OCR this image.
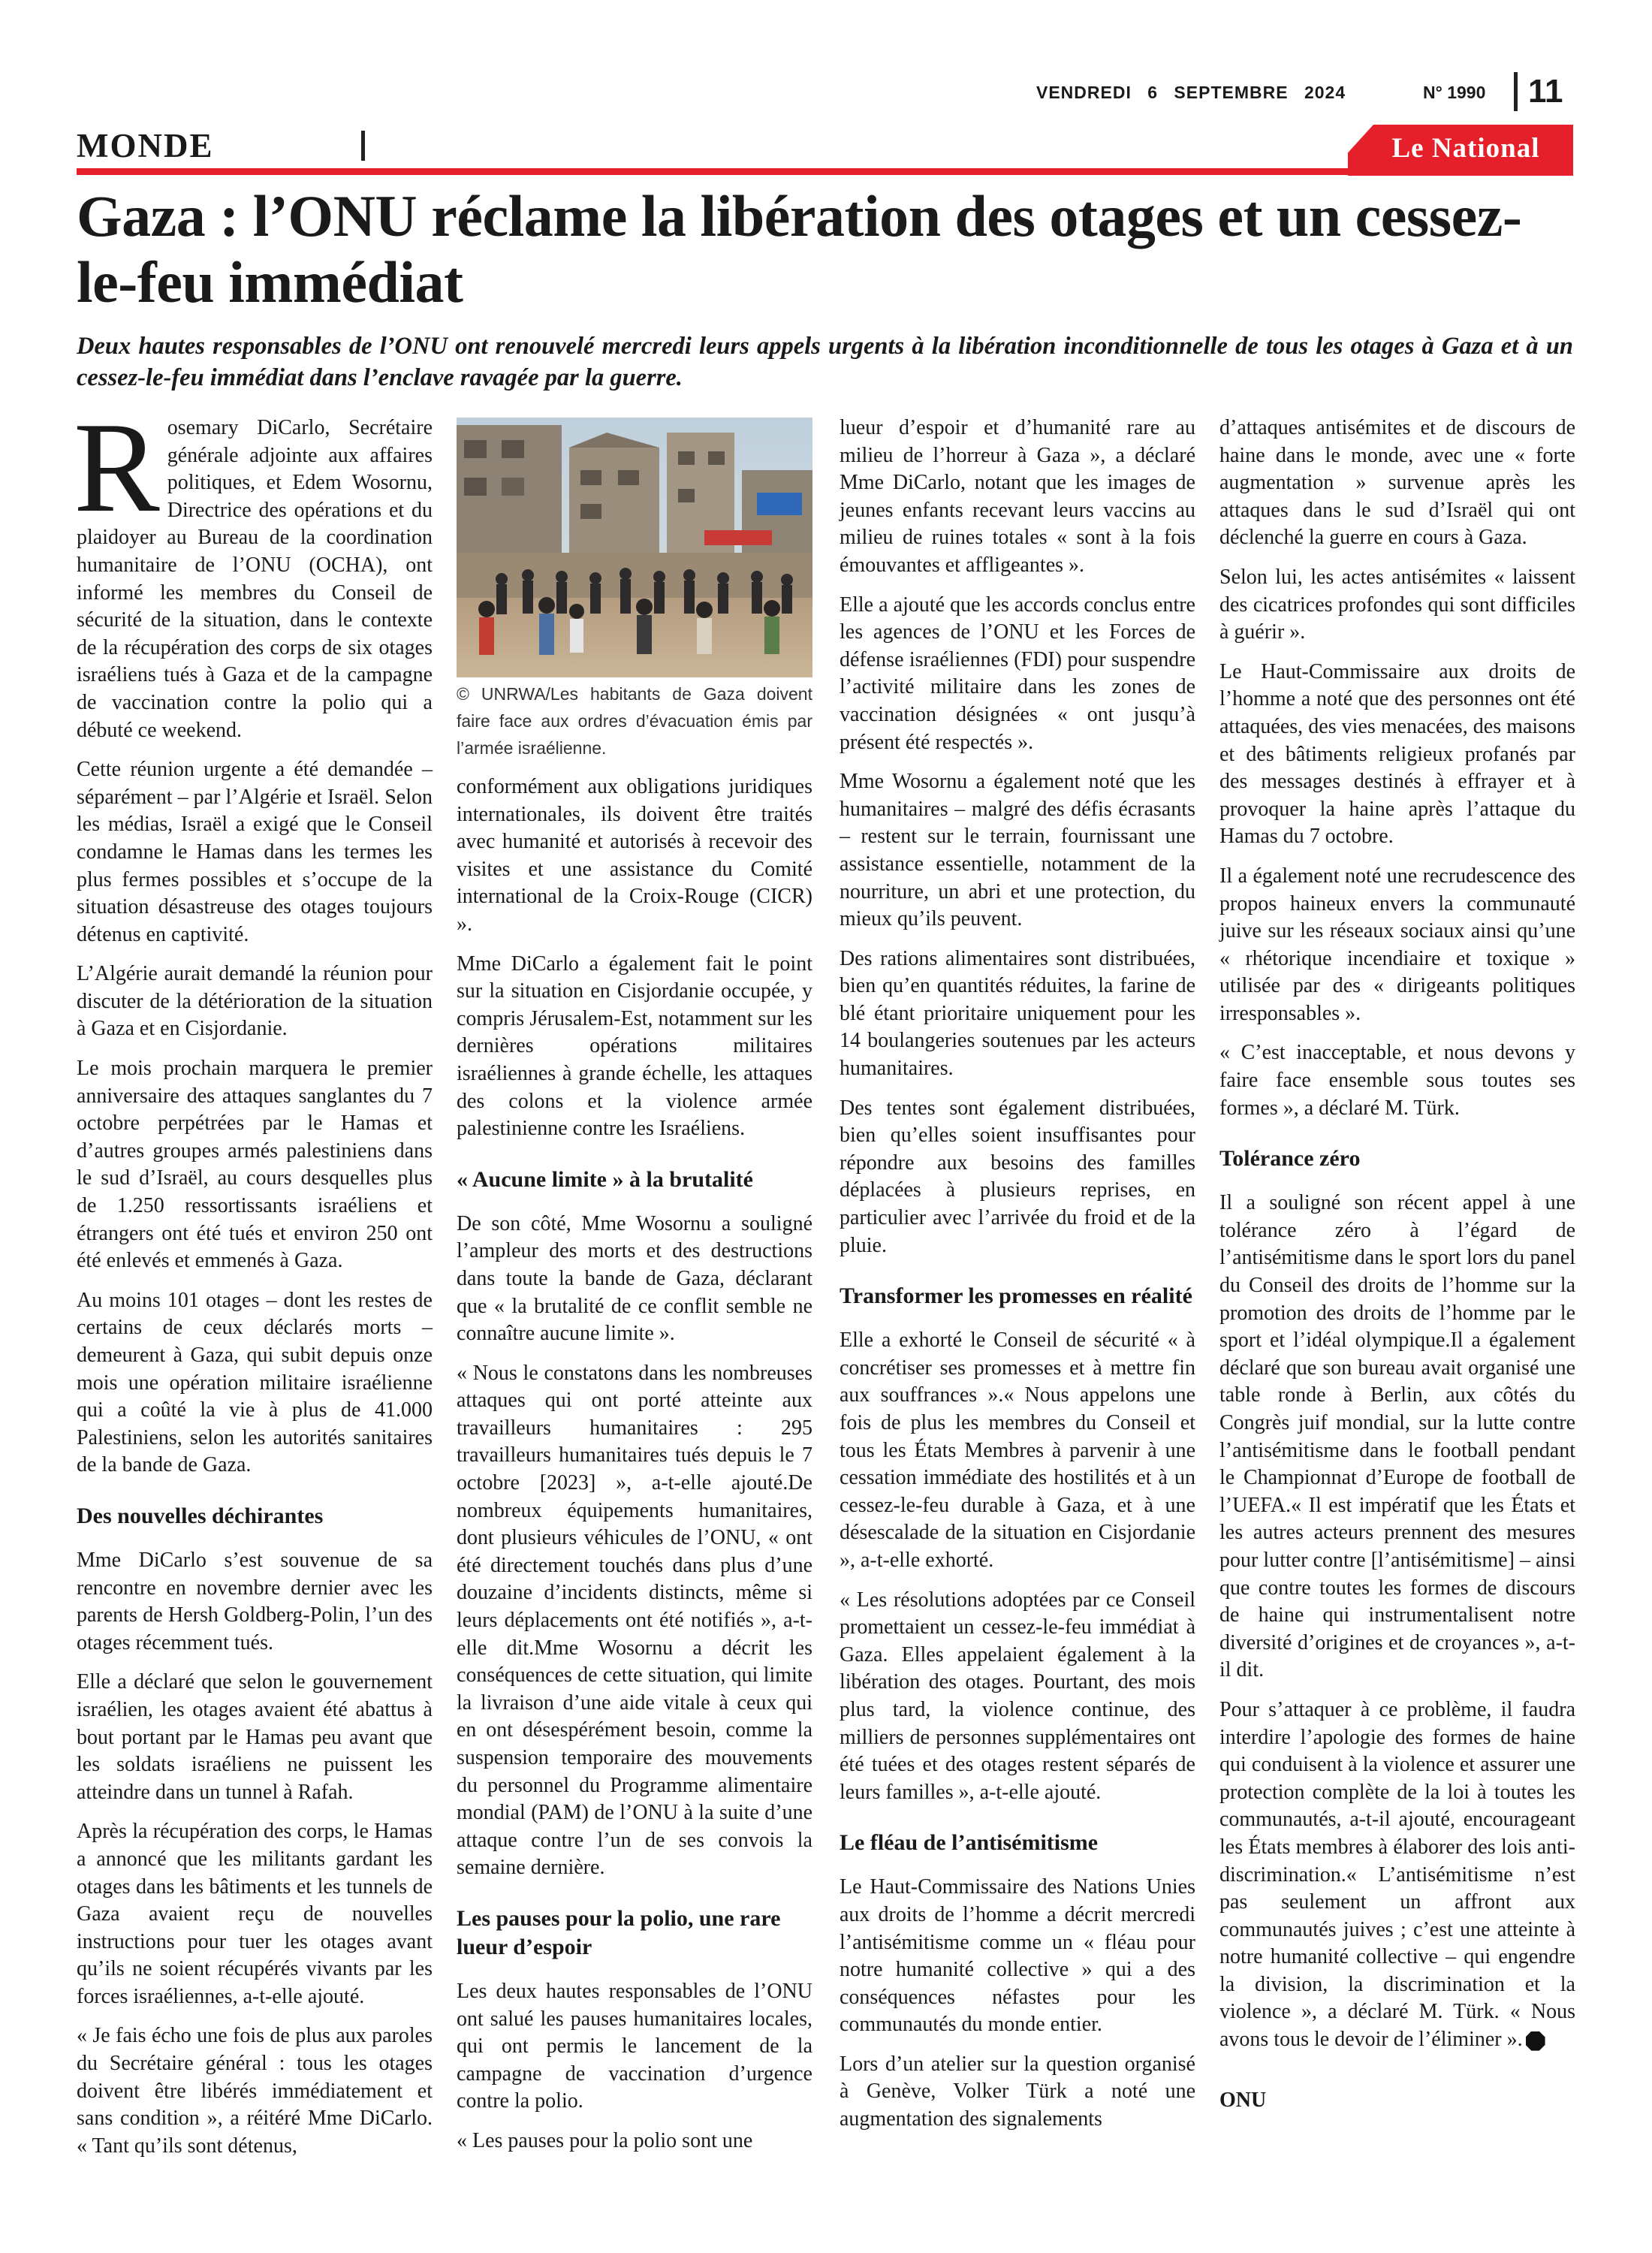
VENDREDI 6 SEPTEMBRE 2024	N° 1990 11
MONDE	Le National
Gaza : l’ONU réclame la libération des otages et un cessez-le-feu immédiat

Deux hautes responsables de l’ONU ont renouvelé mercredi leurs appels urgents à la libération inconditionnelle de tous les otages à Gaza et à un cessez-le-feu immédiat dans l’enclave ravagée par la guerre.

Rosemary DiCarlo, Secrétaire générale adjointe aux affaires politiques, et Edem Wosornu, Directrice des opérations et du plaidoyer au Bureau de la coordination humanitaire de l’ONU (OCHA), ont informé les membres du Conseil de sécurité de la situation, dans le contexte de la récupération des corps de six otages israéliens tués à Gaza et de la campagne de vaccination contre la polio qui a débuté ce weekend.

Cette réunion urgente a été demandée – séparément – par l’Algérie et Israël. Selon les médias, Israël a exigé que le Conseil condamne le Hamas dans les termes les plus fermes possibles et s’occupe de la situation désastreuse des otages toujours détenus en captivité.

L’Algérie aurait demandé la réunion pour discuter de la détérioration de la situation à Gaza et en Cisjordanie.

Le mois prochain marquera le premier anniversaire des attaques sanglantes du 7 octobre perpétrées par le Hamas et d’autres groupes armés palestiniens dans le sud d’Israël, au cours desquelles plus de 1.250 ressortissants israéliens et étrangers ont été tués et environ 250 ont été enlevés et emmenés à Gaza.

Au moins 101 otages – dont les restes de certains de ceux déclarés morts – demeurent à Gaza, qui subit depuis onze mois une opération militaire israélienne qui a coûté la vie à plus de 41.000 Palestiniens, selon les autorités sanitaires de la bande de Gaza.

Des nouvelles déchirantes

Mme DiCarlo s’est souvenue de sa rencontre en novembre dernier avec les parents de Hersh Goldberg-Polin, l’un des otages récemment tués.

Elle a déclaré que selon le gouvernement israélien, les otages avaient été abattus à bout portant par le Hamas peu avant que les soldats israéliens ne puissent les atteindre dans un tunnel à Rafah.

Après la récupération des corps, le Hamas a annoncé que les militants gardant les otages dans les bâtiments et les tunnels de Gaza avaient reçu de nouvelles instructions pour tuer les otages avant qu’ils ne soient récupérés vivants par les forces israéliennes, a-t-elle ajouté.

« Je fais écho une fois de plus aux paroles du Secrétaire général : tous les otages doivent être libérés immédiatement et sans condition », a réitéré Mme DiCarlo. « Tant qu’ils sont détenus,

© UNRWA/Les habitants de Gaza doivent faire face aux ordres d’évacuation émis par l’armée israélienne.

conformément aux obligations juridiques internationales, ils doivent être traités avec humanité et autorisés à recevoir des visites et une assistance du Comité international de la Croix-Rouge (CICR) ».

Mme DiCarlo a également fait le point sur la situation en Cisjordanie occupée, y compris Jérusalem-Est, notamment sur les dernières opérations militaires israéliennes à grande échelle, les attaques des colons et la violence armée palestinienne contre les Israéliens.

« Aucune limite » à la brutalité

De son côté, Mme Wosornu a souligné l’ampleur des morts et des destructions dans toute la bande de Gaza, déclarant que « la brutalité de ce conflit semble ne connaître aucune limite ».

« Nous le constatons dans les nombreuses attaques qui ont porté atteinte aux travailleurs humanitaires : 295 travailleurs humanitaires tués depuis le 7 octobre [2023] », a-t-elle ajouté.De nombreux équipements humanitaires, dont plusieurs véhicules de l’ONU, « ont été directement touchés dans plus d’une douzaine d’incidents distincts, même si leurs déplacements ont été notifiés », a-t-elle dit.Mme Wosornu a décrit les conséquences de cette situation, qui limite la livraison d’une aide vitale à ceux qui en ont désespérément besoin, comme la suspension temporaire des mouvements du personnel du Programme alimentaire mondial (PAM) de l’ONU à la suite d’une attaque contre l’un de ses convois la semaine dernière.

Les pauses pour la polio, une rare lueur d’espoir

Les deux hautes responsables de l’ONU ont salué les pauses humanitaires locales, qui ont permis le lancement de la campagne de vaccination d’urgence contre la polio.

« Les pauses pour la polio sont une

lueur d’espoir et d’humanité rare au milieu de l’horreur à Gaza », a déclaré Mme DiCarlo, notant que les images de jeunes enfants recevant leurs vaccins au milieu de ruines totales « sont à la fois émouvantes et affligeantes ».

Elle a ajouté que les accords conclus entre les agences de l’ONU et les Forces de défense israéliennes (FDI) pour suspendre l’activité militaire dans les zones de vaccination désignées « ont jusqu’à présent été respectés ».

Mme Wosornu a également noté que les humanitaires – malgré des défis écrasants – restent sur le terrain, fournissant une assistance essentielle, notamment de la nourriture, un abri et une protection, du mieux qu’ils peuvent.

Des rations alimentaires sont distribuées, bien qu’en quantités réduites, la farine de blé étant prioritaire uniquement pour les 14 boulangeries soutenues par les acteurs humanitaires.

Des tentes sont également distribuées, bien qu’elles soient insuffisantes pour répondre aux besoins des familles déplacées à plusieurs reprises, en particulier avec l’arrivée du froid et de la pluie.

Transformer les promesses en réalité

Elle a exhorté le Conseil de sécurité « à concrétiser ses promesses et à mettre fin aux souffrances ».« Nous appelons une fois de plus les membres du Conseil et tous les États Membres à parvenir à une cessation immédiate des hostilités et à un cessez-le-feu durable à Gaza, et à une désescalade de la situation en Cisjordanie », a-t-elle exhorté.

« Les résolutions adoptées par ce Conseil promettaient un cessez-le-feu immédiat à Gaza. Elles appelaient également à la libération des otages. Pourtant, des mois plus tard, la violence continue, des milliers de personnes supplémentaires ont été tuées et des otages restent séparés de leurs familles », a-t-elle ajouté.

Le fléau de l’antisémitisme

Le Haut-Commissaire des Nations Unies aux droits de l’homme a décrit mercredi l’antisémitisme comme un « fléau pour notre humanité collective » qui a des conséquences néfastes pour les communautés du monde entier.

Lors d’un atelier sur la question organisé à Genève, Volker Türk a noté une augmentation des signalements

d’attaques antisémites et de discours de haine dans le monde, avec une « forte augmentation » survenue après les attaques dans le sud d’Israël qui ont déclenché la guerre en cours à Gaza.

Selon lui, les actes antisémites « laissent des cicatrices profondes qui sont difficiles à guérir ».

Le Haut-Commissaire aux droits de l’homme a noté que des personnes ont été attaquées, des vies menacées, des maisons et des bâtiments religieux profanés par des messages destinés à effrayer et à provoquer la haine après l’attaque du Hamas du 7 octobre.

Il a également noté une recrudescence des propos haineux envers la communauté juive sur les réseaux sociaux ainsi qu’une « rhétorique incendiaire et toxique » utilisée par des « dirigeants politiques irresponsables ».

« C’est inacceptable, et nous devons y faire face ensemble sous toutes ses formes », a déclaré M. Türk.

Tolérance zéro

Il a souligné son récent appel à une tolérance zéro à l’égard de l’antisémitisme dans le sport lors du panel du Conseil des droits de l’homme sur la promotion des droits de l’homme par le sport et l’idéal olympique.Il a également déclaré que son bureau avait organisé une table ronde à Berlin, aux côtés du Congrès juif mondial, sur la lutte contre l’antisémitisme dans le football pendant le Championnat d’Europe de football de l’UEFA.« Il est impératif que les États et les autres acteurs prennent des mesures pour lutter contre [l’antisémitisme] – ainsi que contre toutes les formes de discours de haine qui instrumentalisent notre diversité d’origines et de croyances », a-t-il dit.

Pour s’attaquer à ce problème, il faudra interdire l’apologie des formes de haine qui conduisent à la violence et assurer une protection complète de la loi à toutes les communautés, a-t-il ajouté, encourageant les États membres à élaborer des lois anti-discrimination.« L’antisémitisme n’est pas seulement un affront aux communautés juives ; c’est une atteinte à notre humanité collective – qui engendre la division, la discrimination et la violence », a déclaré M. Türk. « Nous avons tous le devoir de l’éliminer ».

ONU
